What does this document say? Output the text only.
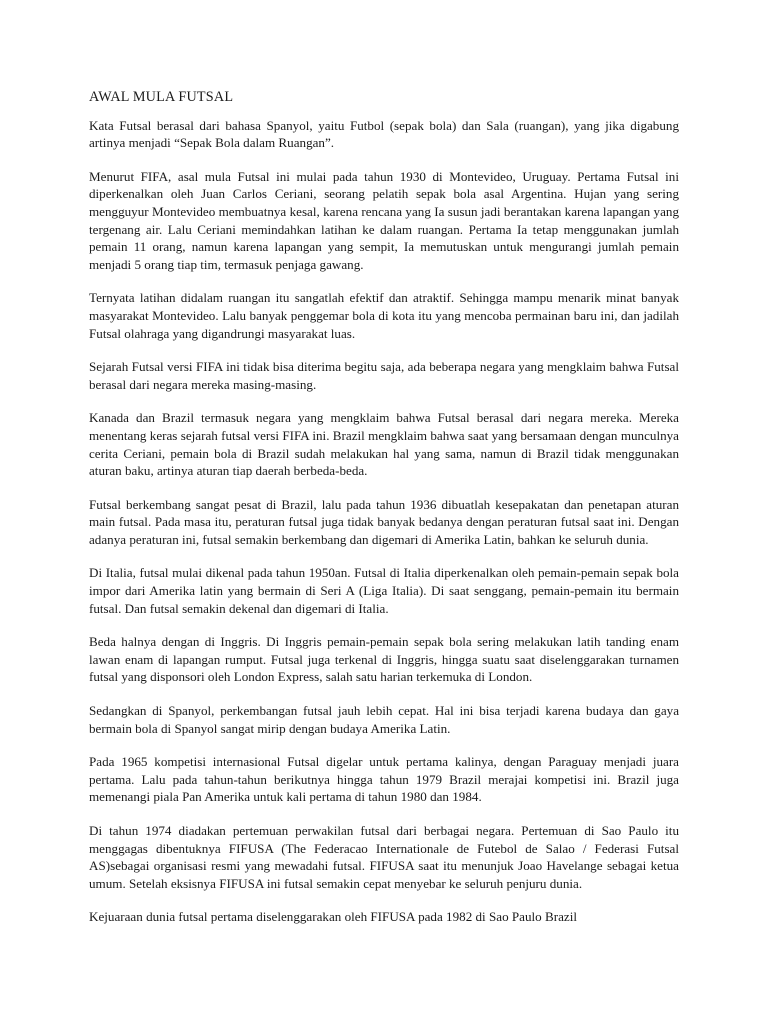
AWAL MULA FUTSAL

Kata Futsal berasal dari bahasa Spanyol, yaitu Futbol (sepak bola) dan Sala (ruangan), yang jika digabung artinya menjadi “Sepak Bola dalam Ruangan”.

Menurut FIFA, asal mula Futsal ini mulai pada tahun 1930 di Montevideo, Uruguay. Pertama Futsal ini diperkenalkan oleh Juan Carlos Ceriani, seorang pelatih sepak bola asal Argentina. Hujan yang sering mengguyur Montevideo membuatnya kesal, karena rencana yang Ia susun jadi berantakan karena lapangan yang tergenang air. Lalu Ceriani memindahkan latihan ke dalam ruangan. Pertama Ia tetap menggunakan jumlah pemain 11 orang, namun karena lapangan yang sempit, Ia memutuskan untuk mengurangi jumlah pemain menjadi 5 orang tiap tim, termasuk penjaga gawang.

Ternyata latihan didalam ruangan itu sangatlah efektif dan atraktif. Sehingga mampu menarik minat banyak masyarakat Montevideo. Lalu banyak penggemar bola di kota itu yang mencoba permainan baru ini, dan jadilah Futsal olahraga yang digandrungi masyarakat luas.

Sejarah Futsal versi FIFA ini tidak bisa diterima begitu saja, ada beberapa negara yang mengklaim bahwa Futsal berasal dari negara mereka masing-masing.

Kanada dan Brazil termasuk negara yang mengklaim bahwa Futsal berasal dari negara mereka. Mereka menentang keras sejarah futsal versi FIFA ini. Brazil mengklaim bahwa saat yang bersamaan dengan munculnya cerita Ceriani, pemain bola di Brazil sudah melakukan hal yang sama, namun di Brazil tidak menggunakan aturan baku, artinya aturan tiap daerah berbeda-beda.

Futsal berkembang sangat pesat di Brazil, lalu pada tahun 1936 dibuatlah kesepakatan dan penetapan aturan main futsal. Pada masa itu, peraturan futsal juga tidak banyak bedanya dengan peraturan futsal saat ini. Dengan adanya peraturan ini, futsal semakin berkembang dan digemari di Amerika Latin, bahkan ke seluruh dunia.

Di Italia, futsal mulai dikenal pada tahun 1950an. Futsal di Italia diperkenalkan oleh pemain-pemain sepak bola impor dari Amerika latin yang bermain di Seri A (Liga Italia). Di saat senggang, pemain-pemain itu bermain futsal. Dan futsal semakin dekenal dan digemari di Italia.

Beda halnya dengan di Inggris. Di Inggris pemain-pemain sepak bola sering melakukan latih tanding enam lawan enam di lapangan rumput. Futsal juga terkenal di Inggris, hingga suatu saat diselenggarakan turnamen futsal yang disponsori oleh London Express, salah satu harian terkemuka di London.

Sedangkan di Spanyol, perkembangan futsal jauh lebih cepat. Hal ini bisa terjadi karena budaya dan gaya bermain bola di Spanyol sangat mirip dengan budaya Amerika Latin.

Pada 1965 kompetisi internasional Futsal digelar untuk pertama kalinya, dengan Paraguay menjadi juara pertama. Lalu pada tahun-tahun berikutnya hingga tahun 1979 Brazil merajai kompetisi ini. Brazil juga memenangi piala Pan Amerika untuk kali pertama di tahun 1980 dan 1984.

Di tahun 1974 diadakan pertemuan perwakilan futsal dari berbagai negara. Pertemuan di Sao Paulo itu menggagas dibentuknya FIFUSA (The Federacao Internationale de Futebol de Salao / Federasi Futsal AS)sebagai organisasi resmi yang mewadahi futsal. FIFUSA saat itu menunjuk Joao Havelange sebagai ketua umum. Setelah eksisnya FIFUSA ini futsal semakin cepat menyebar ke seluruh penjuru dunia.

Kejuaraan dunia futsal pertama diselenggarakan oleh FIFUSA pada 1982 di Sao Paulo Brazil
